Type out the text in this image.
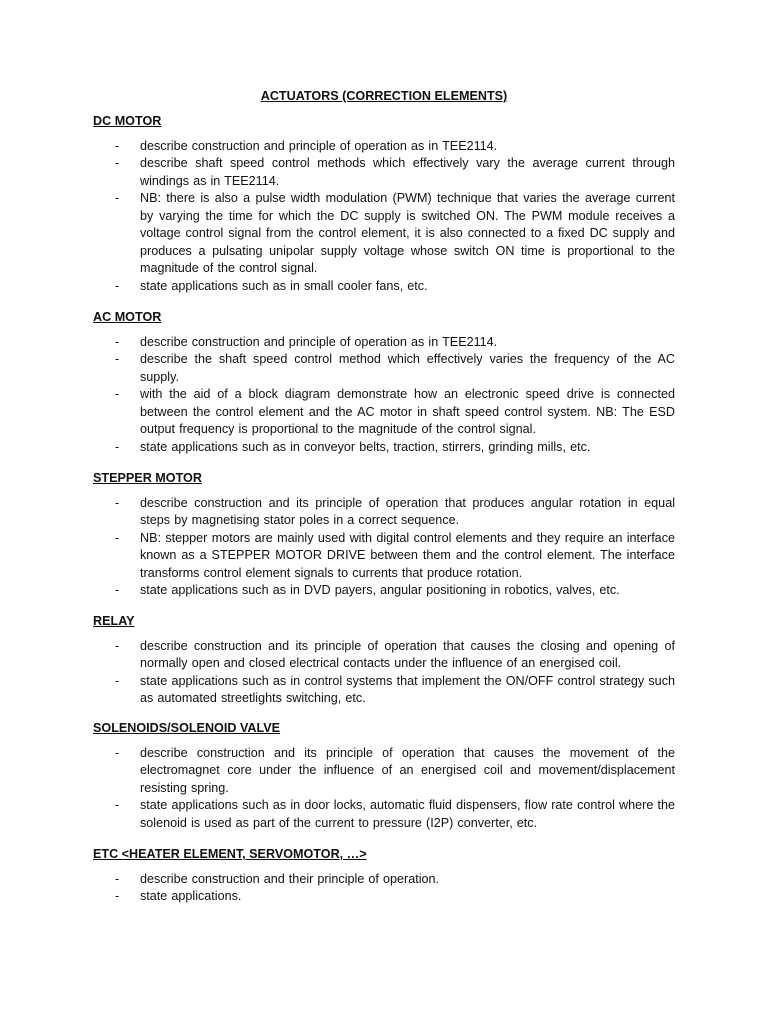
ACTUATORS (CORRECTION ELEMENTS)
DC MOTOR
- describe construction and principle of operation as in TEE2114.
- describe shaft speed control methods which effectively vary the average current through windings as in TEE2114.
- NB: there is also a pulse width modulation (PWM) technique that varies the average current by varying the time for which the DC supply is switched ON. The PWM module receives a voltage control signal from the control element, it is also connected to a fixed DC supply and produces a pulsating unipolar supply voltage whose switch ON time is proportional to the magnitude of the control signal.
- state applications such as in small cooler fans, etc.
AC MOTOR
- describe construction and principle of operation as in TEE2114.
- describe the shaft speed control method which effectively varies the frequency of the AC supply.
- with the aid of a block diagram demonstrate how an electronic speed drive is connected between the control element and the AC motor in shaft speed control system. NB: The ESD output frequency is proportional to the magnitude of the control signal.
- state applications such as in conveyor belts, traction, stirrers, grinding mills, etc.
STEPPER MOTOR
- describe construction and its principle of operation that produces angular rotation in equal steps by magnetising stator poles in a correct sequence.
- NB: stepper motors are mainly used with digital control elements and they require an interface known as a STEPPER MOTOR DRIVE between them and the control element. The interface transforms control element signals to currents that produce rotation.
- state applications such as in DVD payers, angular positioning in robotics, valves, etc.
RELAY
- describe construction and its principle of operation that causes the closing and opening of normally open and closed electrical contacts under the influence of an energised coil.
- state applications such as in control systems that implement the ON/OFF control strategy such as automated streetlights switching, etc.
SOLENOIDS/SOLENOID VALVE
- describe construction and its principle of operation that causes the movement of the electromagnet core under the influence of an energised coil and movement/displacement resisting spring.
- state applications such as in door locks, automatic fluid dispensers, flow rate control where the solenoid is used as part of the current to pressure (I2P) converter, etc.
ETC <HEATER ELEMENT, SERVOMOTOR, …>
- describe construction and their principle of operation.
- state applications.
